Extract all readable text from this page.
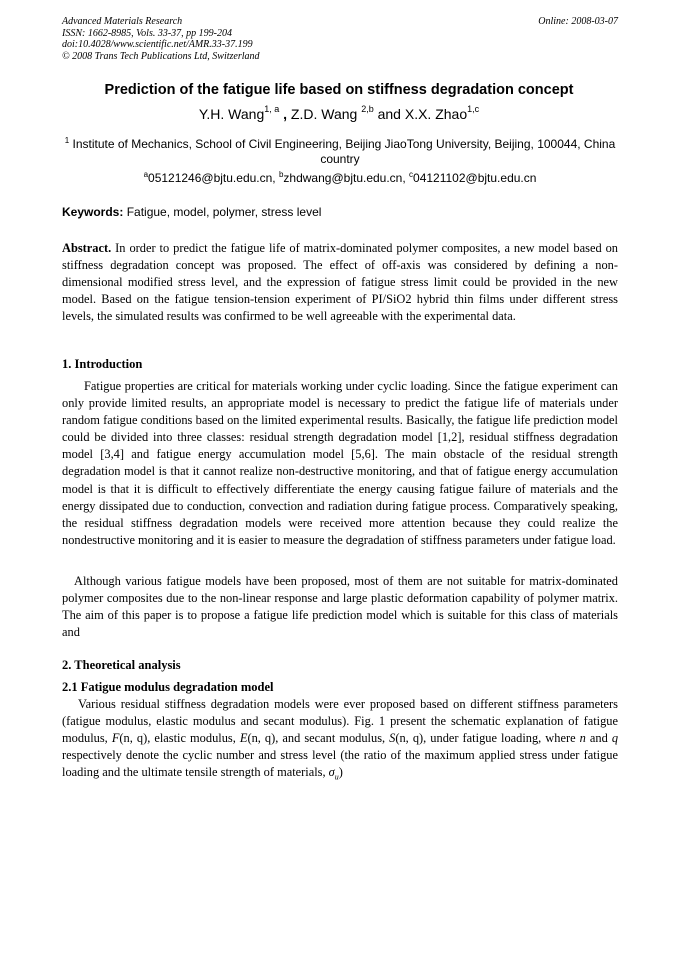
Advanced Materials Research
ISSN: 1662-8985, Vols. 33-37, pp 199-204
doi:10.4028/www.scientific.net/AMR.33-37.199
© 2008 Trans Tech Publications Ltd, Switzerland
Online: 2008-03-07
Prediction of the fatigue life based on stiffness degradation concept
Y.H. Wang$^{1, a}$ , Z.D. Wang $^{2,b}$ and X.X. Zhao$^{1,c}$
$^1$ Institute of Mechanics, School of Civil Engineering, Beijing JiaoTong University, Beijing, 100044, China country
$^a$05121246@bjtu.edu.cn, $^b$zhdwang@bjtu.edu.cn, $^c$04121102@bjtu.edu.cn
Keywords: Fatigue, model, polymer, stress level
Abstract. In order to predict the fatigue life of matrix-dominated polymer composites, a new model based on stiffness degradation concept was proposed. The effect of off-axis was considered by defining a non-dimensional modified stress level, and the expression of fatigue stress limit could be provided in the new model. Based on the fatigue tension-tension experiment of PI/SiO2 hybrid thin films under different stress levels, the simulated results was confirmed to be well agreeable with the experimental data.
1. Introduction
Fatigue properties are critical for materials working under cyclic loading. Since the fatigue experiment can only provide limited results, an appropriate model is necessary to predict the fatigue life of materials under random fatigue conditions based on the limited experimental results. Basically, the fatigue life prediction model could be divided into three classes: residual strength degradation model [1,2], residual stiffness degradation model [3,4] and fatigue energy accumulation model [5,6]. The main obstacle of the residual strength degradation model is that it cannot realize non-destructive monitoring, and that of fatigue energy accumulation model is that it is difficult to effectively differentiate the energy causing fatigue failure of materials and the energy dissipated due to conduction, convection and radiation during fatigue process. Comparatively speaking, the residual stiffness degradation models were received more attention because they could realize the nondestructive monitoring and it is easier to measure the degradation of stiffness parameters under fatigue load.
Although various fatigue models have been proposed, most of them are not suitable for matrix-dominated polymer composites due to the non-linear response and large plastic deformation capability of polymer matrix. The aim of this paper is to propose a fatigue life prediction model which is suitable for this class of materials and
2. Theoretical analysis
2.1 Fatigue modulus degradation model
Various residual stiffness degradation models were ever proposed based on different stiffness parameters (fatigue modulus, elastic modulus and secant modulus). Fig. 1 present the schematic explanation of fatigue modulus, F(n, q), elastic modulus, E(n, q), and secant modulus, S(n, q), under fatigue loading, where n and q respectively denote the cyclic number and stress level (the ratio of the maximum applied stress under fatigue loading and the ultimate tensile strength of materials, $\sigma_u$)
